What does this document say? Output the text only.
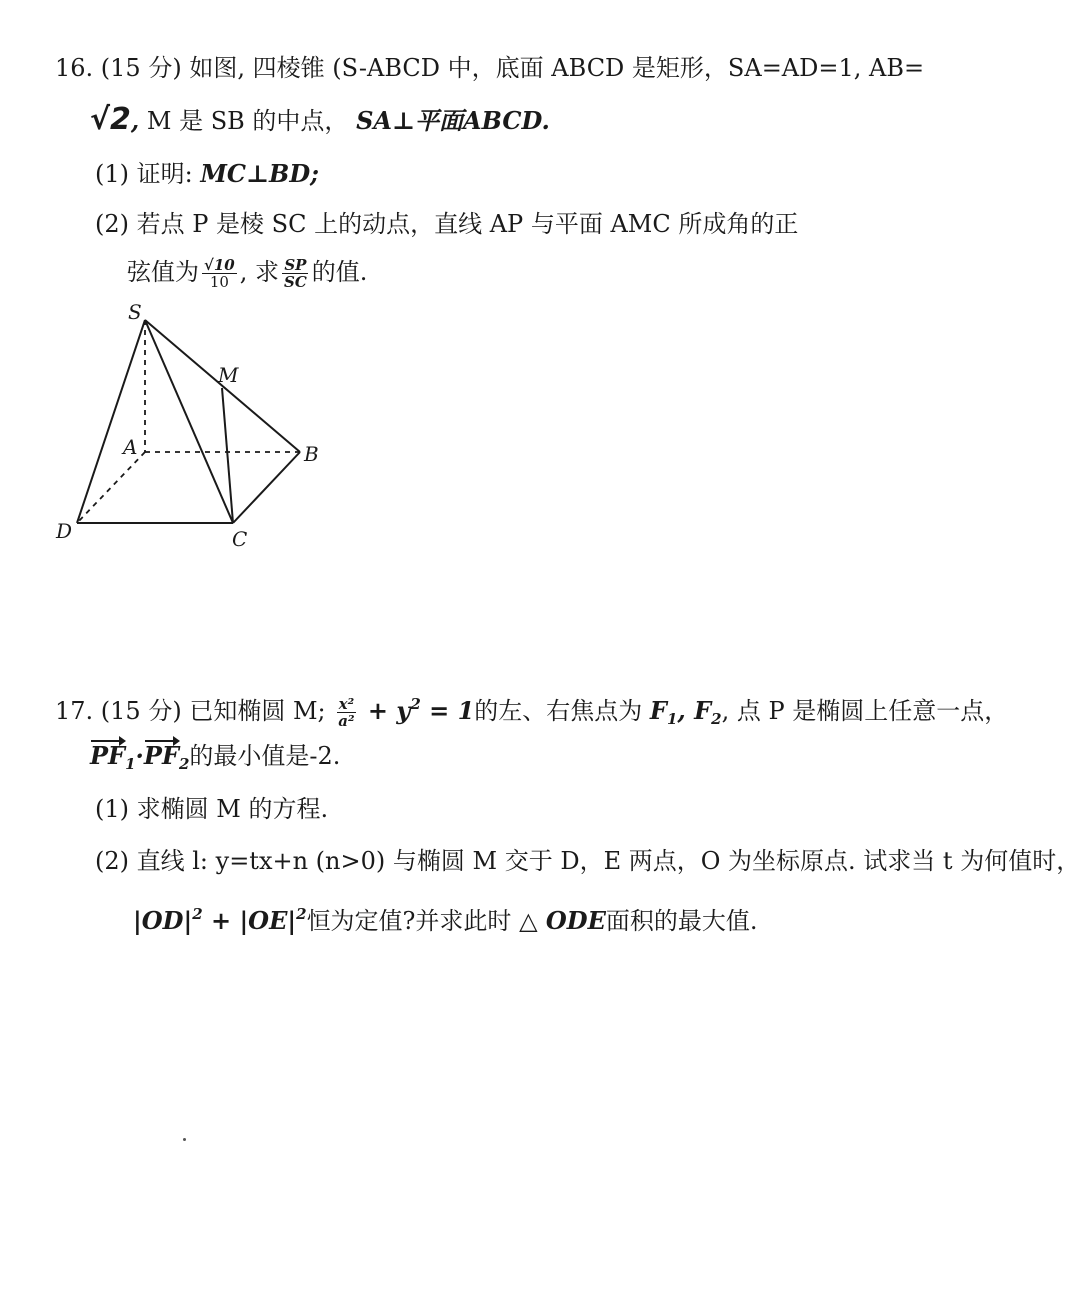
16. (15 分) 如图, 四棱锥 (S-ABCD 中，底面 ABCD 是矩形，SA=AD=1, AB=
√2, M 是 SB 的中点， SA⊥平面ABCD.
(1) 证明: MC⊥BD;
(2) 若点 P 是棱 SC 上的动点，直线 AP 与平面 AMC 所成角的正
弦值为 $\frac{√10}{10}$ , 求 $\frac{SP}{SC}$ 的值.
S
M
A	B
C
D
17. (15 分) 已知椭圆 M; $\frac{\text{x²}}{\text{a²}} + y^2 = 1$的左、右焦点为 $F_1$, $F_2$, 点 P 是椭圆上任意一点，
$PF_1\cdot PF_2$的最小值是-2.
(1) 求椭圆 M 的方程.
(2) 直线 l: y=tx+n (n>0) 与椭圆 M 交于 D，E 两点，O 为坐标原点. 试求当 t 为何值时，
$|OD|^2 + |OE|^2$恒为定值?并求此时 △ ODE面积的最大值.
